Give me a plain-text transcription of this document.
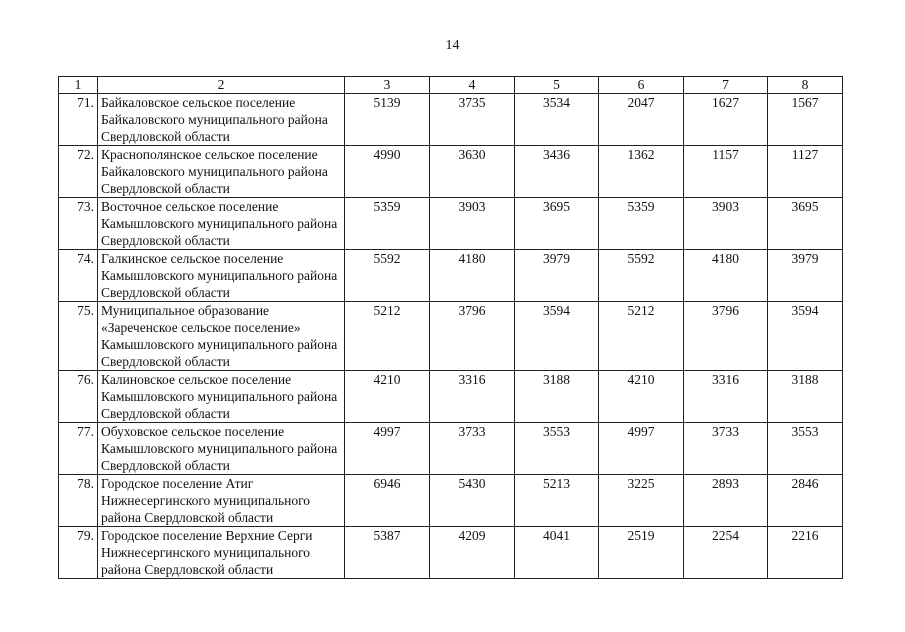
14
1	2	3	4	5	6	7	8
71.	Байкаловское сельское поселение Байкаловского муниципального района Свердловской области	5139	3735	3534	2047	1627	1567
72.	Краснополянское сельское поселение Байкаловского муниципального района Свердловской области	4990	3630	3436	1362	1157	1127
73.	Восточное сельское поселение Камышловского муниципального района Свердловской области	5359	3903	3695	5359	3903	3695
74.	Галкинское сельское поселение Камышловского муниципального района Свердловской области	5592	4180	3979	5592	4180	3979
75.	Муниципальное образование «Зареченское сельское поселение» Камышловского муниципального района Свердловской области	5212	3796	3594	5212	3796	3594
76.	Калиновское сельское поселение Камышловского муниципального района Свердловской области	4210	3316	3188	4210	3316	3188
77.	Обуховское сельское поселение Камышловского муниципального района Свердловской области	4997	3733	3553	4997	3733	3553
78.	Городское поселение Атиг Нижнесергинского муниципального района Свердловской области	6946	5430	5213	3225	2893	2846
79.	Городское поселение Верхние Серги Нижнесергинского муниципального района Свердловской области	5387	4209	4041	2519	2254	2216
